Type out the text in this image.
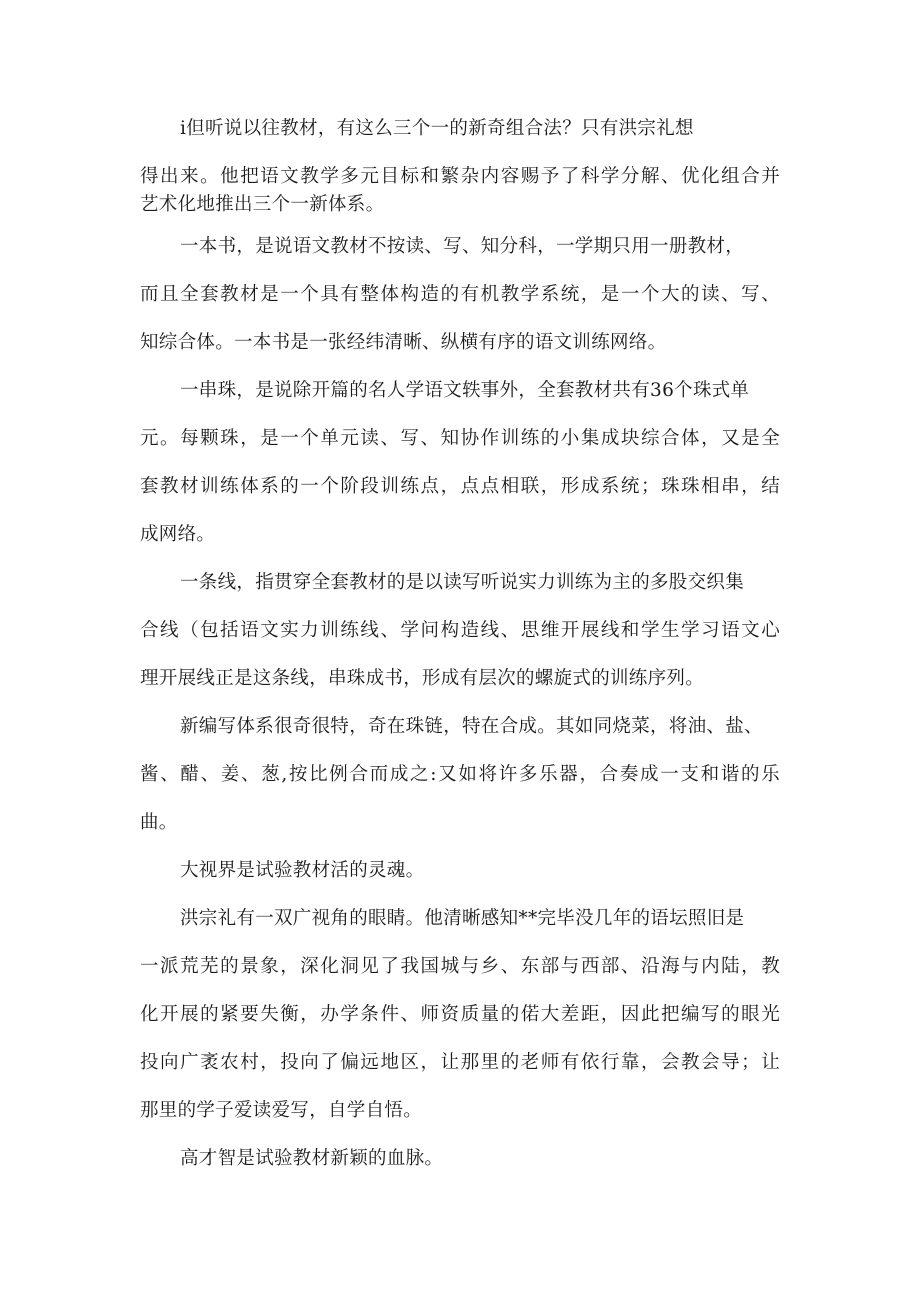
i但听说以往教材，有这么三个一的新奇组合法？只有洪宗礼想
得出来。他把语文教学多元目标和繁杂内容赐予了科学分解、优化组合并
艺术化地推出三个一新体系。
一本书，是说语文教材不按读、写、知分科，一学期只用一册教材，
而且全套教材是一个具有整体构造的有机教学系统，是一个大的读、写、
知综合体。一本书是一张经纬清晰、纵横有序的语文训练网络。
一串珠，是说除开篇的名人学语文轶事外，全套教材共有36个珠式单
元。每颗珠，是一个单元读、写、知协作训练的小集成块综合体，又是全
套教材训练体系的一个阶段训练点，点点相联，形成系统；珠珠相串，结
成网络。
一条线，指贯穿全套教材的是以读写听说实力训练为主的多股交织集
合线（包括语文实力训练线、学问构造线、思维开展线和学生学习语文心
理开展线正是这条线，串珠成书，形成有层次的螺旋式的训练序列。
新编写体系很奇很特，奇在珠链，特在合成。其如同烧菜，将油、盐、
酱、醋、姜、葱,按比例合而成之:又如将许多乐器，合奏成一支和谐的乐
曲。
大视界是试验教材活的灵魂。
洪宗礼有一双广视角的眼睛。他清晰感知**完毕没几年的语坛照旧是
一派荒芜的景象，深化洞见了我国城与乡、东部与西部、沿海与内陆，教
化开展的紧要失衡，办学条件、师资质量的偌大差距，因此把编写的眼光
投向广袤农村，投向了偏远地区，让那里的老师有依行靠，会教会导；让
那里的学子爱读爱写，自学自悟。
高才智是试验教材新颖的血脉。
